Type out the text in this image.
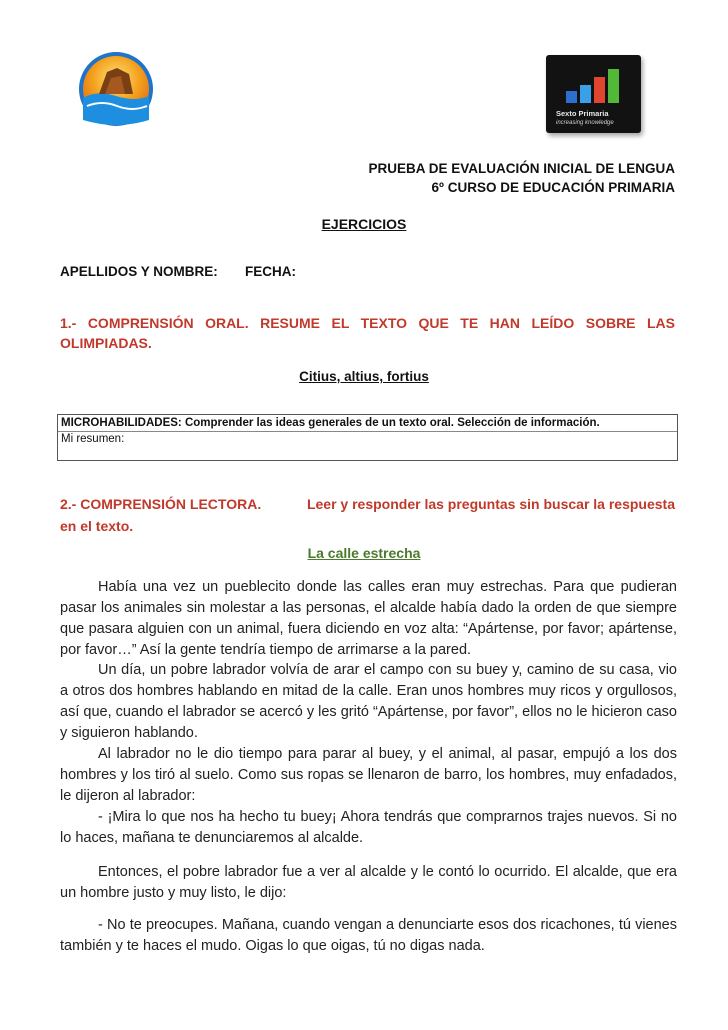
Sexto Primaria
increasing knowledge
PRUEBA DE EVALUACIÓN INICIAL DE LENGUA
6º CURSO DE EDUCACIÓN PRIMARIA
EJERCICIOS
APELLIDOS Y NOMBRE: FECHA:
1.- COMPRENSIÓN ORAL. RESUME EL TEXTO QUE TE HAN LEÍDO SOBRE LAS
OLIMPIADAS.
Citius, altius, fortius
MICROHABILIDADES: Comprender las ideas generales de un texto oral. Selección de información.
Mi resumen:
2.- COMPRENSIÓN LECTORA.	Leer y responder las preguntas sin buscar la respuesta
en el texto.
La calle estrecha

Había una vez un pueblecito donde las calles eran muy estrechas. Para que pudieran pasar los animales sin molestar a las personas, el alcalde había dado la orden de que siempre que pasara alguien con un animal, fuera diciendo en voz alta: “Apártense, por favor; apártense, por favor…” Así la gente tendría tiempo de arrimarse a la pared.

Un día, un pobre labrador volvía de arar el campo con su buey y, camino de su casa, vio a otros dos hombres hablando en mitad de la calle. Eran unos hombres muy ricos y orgullosos, así que, cuando el labrador se acercó y les gritó “Apártense, por favor”, ellos no le hicieron caso y siguieron hablando.

Al labrador no le dio tiempo para parar al buey, y el animal, al pasar, empujó a los dos hombres y los tiró al suelo. Como sus ropas se llenaron de barro, los hombres, muy enfadados, le dijeron al labrador:

- ¡Mira lo que nos ha hecho tu buey¡ Ahora tendrás que comprarnos trajes nuevos. Si no lo haces, mañana te denunciaremos al alcalde.

Entonces, el pobre labrador fue a ver al alcalde y le contó lo ocurrido. El alcalde, que era un hombre justo y muy listo, le dijo:

- No te preocupes. Mañana, cuando vengan a denunciarte esos dos ricachones, tú vienes también y te haces el mudo. Oigas lo que oigas, tú no digas nada.
